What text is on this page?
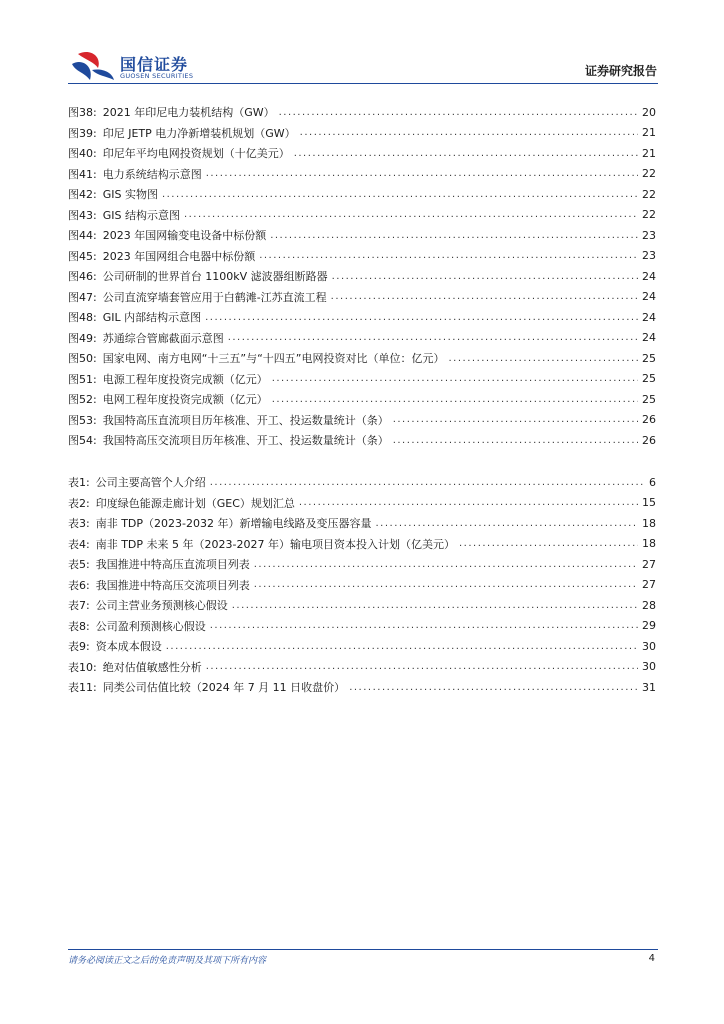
国信证券
GUOSEN SECURITIES	证券研究报告
图38: 2021 年印尼电力装机结构（GW） .....	20
图39: 印尼 JETP 电力净新增装机规划（GW） .....	21
图40: 印尼年平均电网投资规划（十亿美元） .....	21
图41: 电力系统结构示意图 .....	22
图42: GIS 实物图 .....	22
图43: GIS 结构示意图 .....	22
图44: 2023 年国网输变电设备中标份额 .....	23
图45: 2023 年国网组合电器中标份额 .....	23
图46: 公司研制的世界首台 1100kV 滤波器组断路器 .....	24
图47: 公司直流穿墙套管应用于白鹤滩-江苏直流工程 .....	24
图48: GIL 内部结构示意图 .....	24
图49: 苏通综合管廊截面示意图 .....	24
图50: 国家电网、南方电网“十三五”与“十四五”电网投资对比（单位：亿元） .....	25
图51: 电源工程年度投资完成额（亿元） .....	25
图52: 电网工程年度投资完成额（亿元） .....	25
图53: 我国特高压直流项目历年核准、开工、投运数量统计（条） .....	26
图54: 我国特高压交流项目历年核准、开工、投运数量统计（条） .....	26
表1: 公司主要高管个人介绍 .....	6
表2: 印度绿色能源走廊计划（GEC）规划汇总 .....	15
表3: 南非 TDP（2023-2032 年）新增输电线路及变压器容量 .....	18
表4: 南非 TDP 未来 5 年（2023-2027 年）输电项目资本投入计划（亿美元） .....	18
表5: 我国推进中特高压直流项目列表 .....	27
表6: 我国推进中特高压交流项目列表 .....	27
表7: 公司主营业务预测核心假设 .....	28
表8: 公司盈利预测核心假设 .....	29
表9: 资本成本假设 .....	30
表10: 绝对估值敏感性分析 .....	30
表11: 同类公司估值比较（2024 年 7 月 11 日收盘价） .....	31
请务必阅读正文之后的免责声明及其项下所有内容	4
